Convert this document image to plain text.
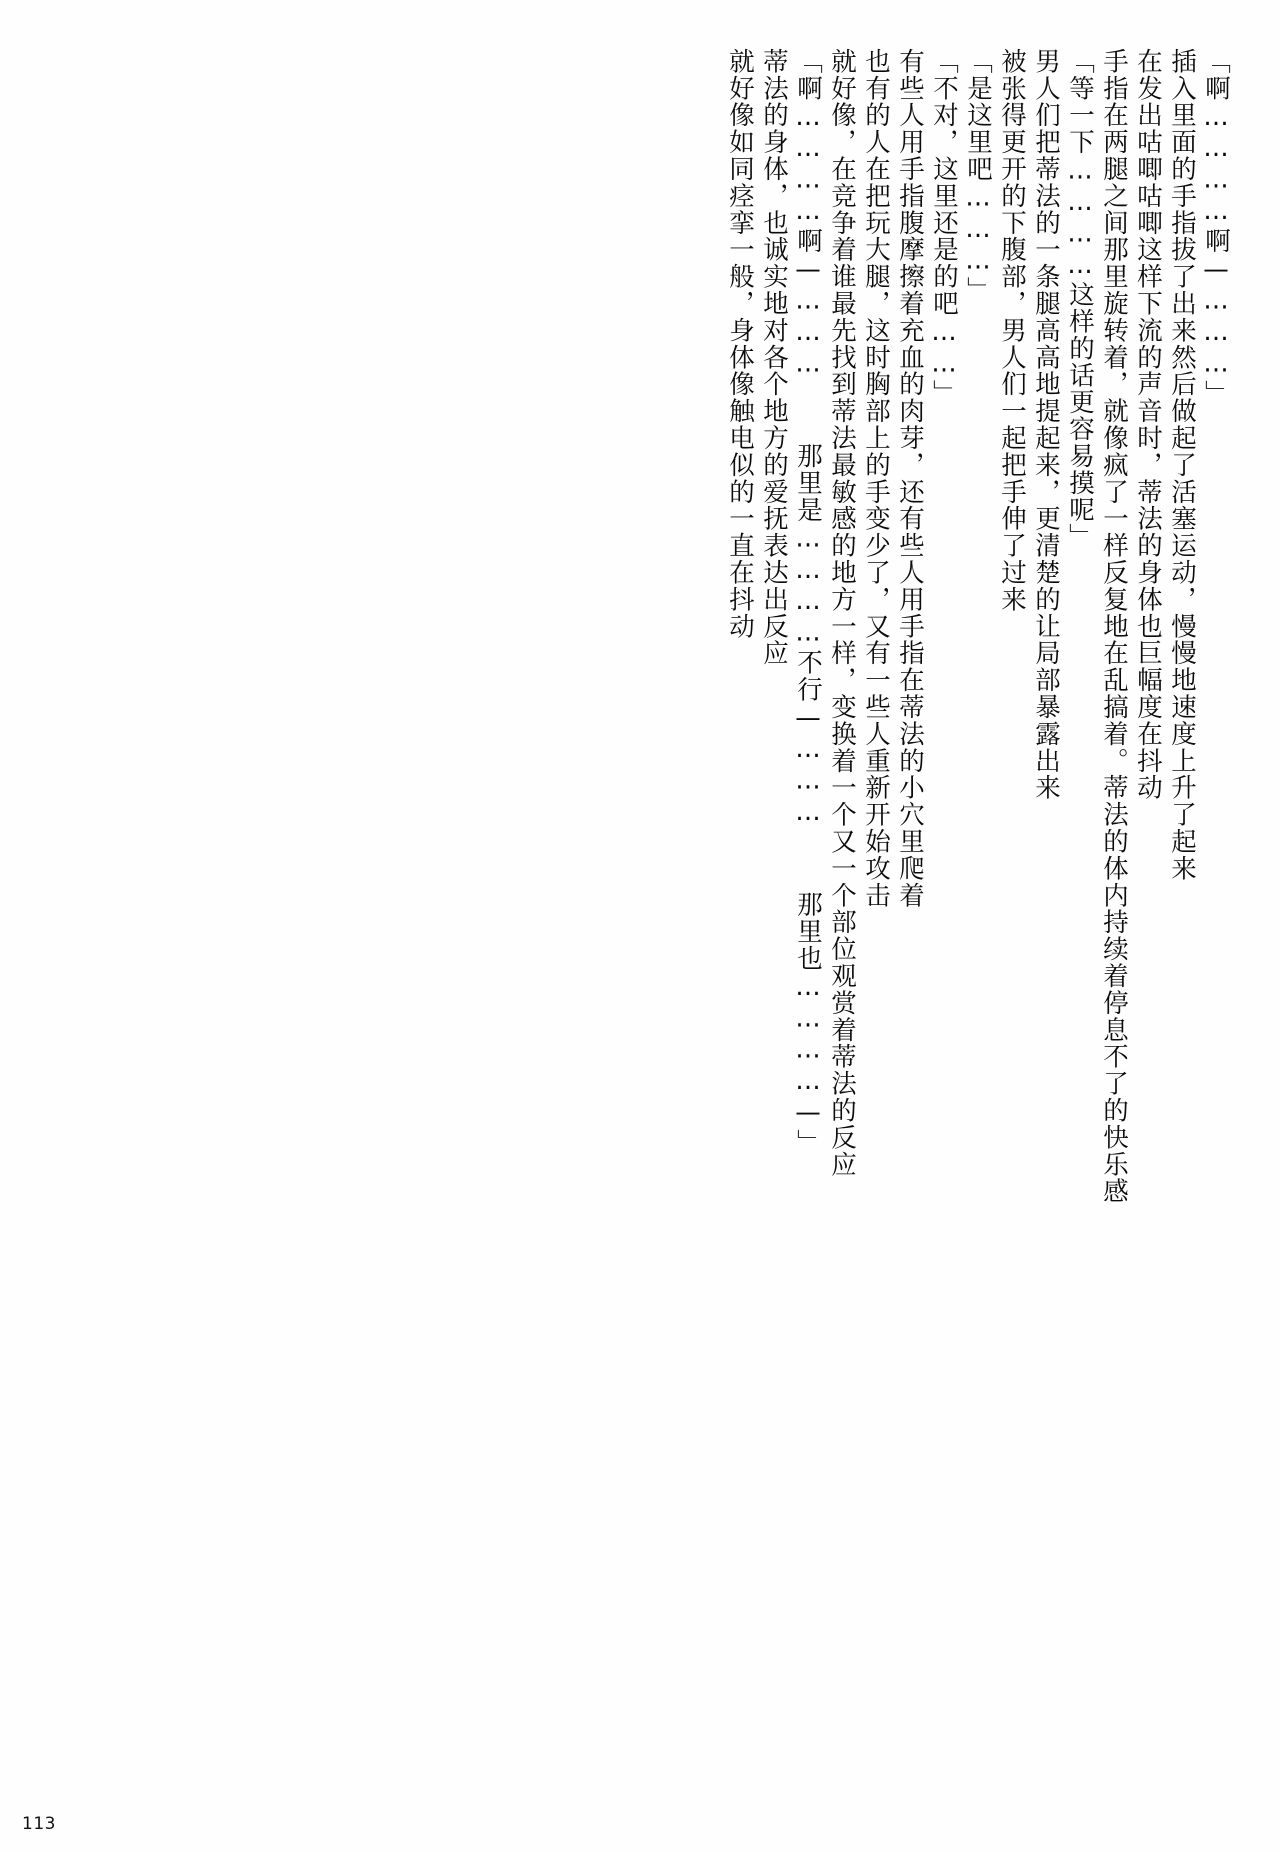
「啊…………啊—………」
插入里面的手指拔了出来然后做起了活塞运动，慢慢地速度上升了起来
在发出咕唧咕唧这样下流的声音时，蒂法的身体也巨幅度在抖动
手指在两腿之间那里旋转着，就像疯了一样反复地在乱搞着。蒂法的体内持续着停息不了的快乐感
「等一下…………这样的话更容易摸呢」
男人们把蒂法的一条腿高高地提起来，更清楚的让局部暴露出来
被张得更开的下腹部，男人们一起把手伸了过来
「是这里吧………」
「不对，这里还是的吧……」
有些人用手指腹摩擦着充血的肉芽，还有些人用手指在蒂法的小穴里爬着
也有的人在把玩大腿，这时胸部上的手变少了，又有一些人重新开始攻击
就好像，在竞争着谁最先找到蒂法最敏感的地方一样，变换着一个又一个部位观赏着蒂法的反应
「啊…………啊—………  那里是…………不行—………  那里也…………—」
蒂法的身体，也诚实地对各个地方的爱抚表达出反应
就好像如同痉挛一般，身体像触电似的一直在抖动
113
